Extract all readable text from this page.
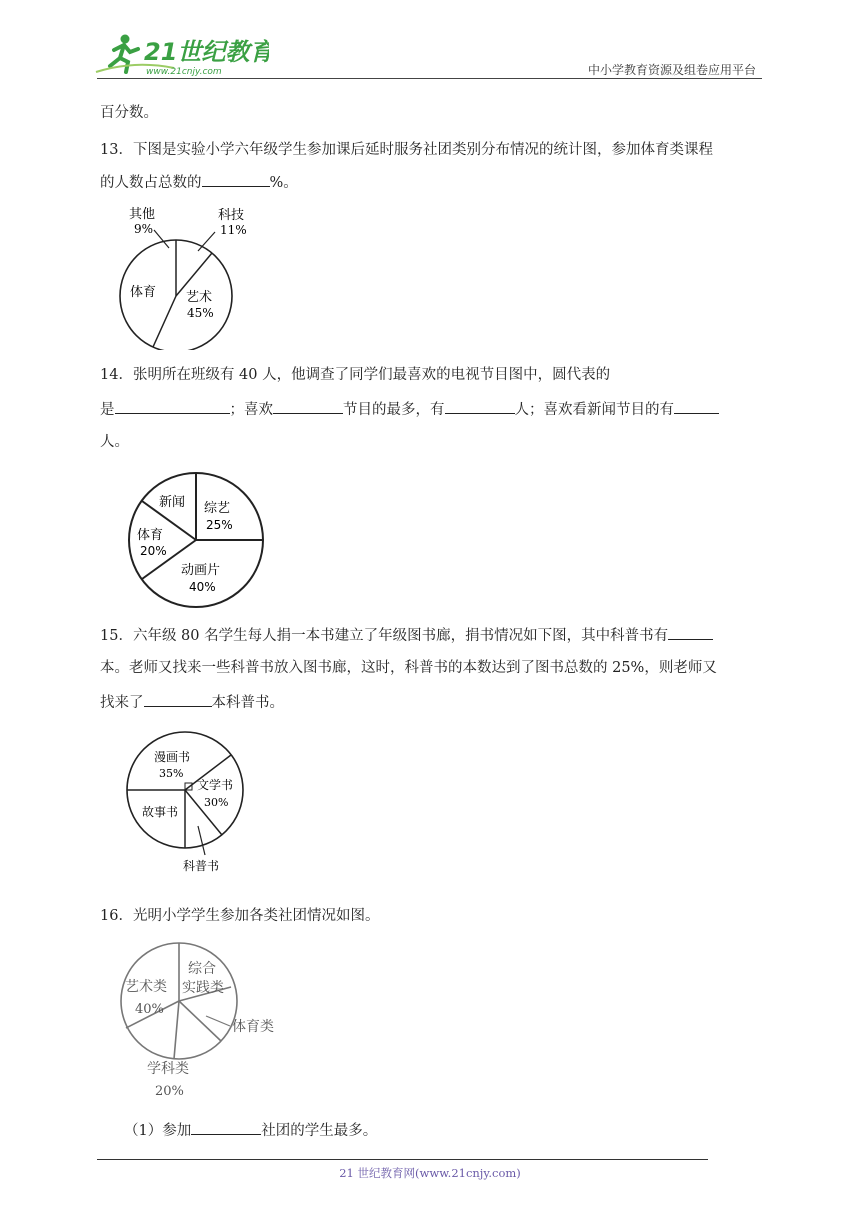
21世纪教育
www.21cnjy.com	中小学教育资源及组卷应用平台
百分数。
13．下图是实验小学六年级学生参加课后延时服务社团类别分布情况的统计图，参加体育类课程
的人数占总数的	%。
其他
9%
科技
11%
艺术
45%
体育
14．张明所在班级有 40 人，他调查了同学们最喜欢的电视节目图中，圆代表的
是	；喜欢	节目的最多，有	人；喜欢看新闻节目的有
人。
新闻 综艺
25%
体育
20%
动画片
40%
15．六年级 80 名学生每人捐一本书建立了年级图书廊，捐书情况如下图，其中科普书有
本。老师又找来一些科普书放入图书廊，这时，科普书的本数达到了图书总数的 25%，则老师又
找来了	本科普书。
漫画书
35%
文学书
30%
故事书
科普书
16．光明小学学生参加各类社团情况如图。
综合
实践类
艺术类
40%
体育类
学科类
20%
（1）参加	社团的学生最多。
21 世纪教育网(www.21cnjy.com)
